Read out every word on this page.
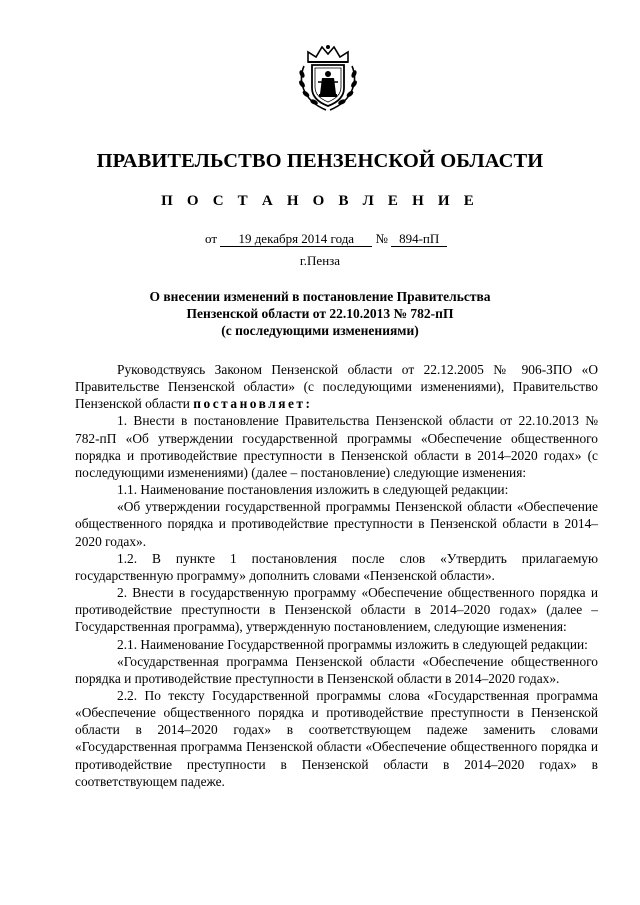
ПРАВИТЕЛЬСТВО ПЕНЗЕНСКОЙ ОБЛАСТИ
П О С Т А Н О В Л Е Н И Е
от 19 декабря 2014 года № 894-пП
г.Пенза
О внесении изменений в постановление Правительства
Пензенской области от 22.10.2013 № 782-пП
(с последующими изменениями)

Руководствуясь Законом Пензенской области от 22.12.2005 № 906-ЗПО «О Правительстве Пензенской области» (с последующими изменениями), Правительство Пензенской области постановляет:

1. Внести в постановление Правительства Пензенской области от 22.10.2013 № 782-пП «Об утверждении государственной программы «Обеспечение общественного порядка и противодействие преступности в Пензенской области в 2014–2020 годах» (с последующими изменениями) (далее – постановление) следующие изменения:

1.1. Наименование постановления изложить в следующей редакции:

«Об утверждении государственной программы Пензенской области «Обеспечение общественного порядка и противодействие преступности в Пензенской области в 2014–2020 годах».

1.2. В пункте 1 постановления после слов «Утвердить прилагаемую государственную программу» дополнить словами «Пензенской области».

2. Внести в государственную программу «Обеспечение общественного порядка и противодействие преступности в Пензенской области в 2014–2020 годах» (далее – Государственная программа), утвержденную постановлением, следующие изменения:

2.1. Наименование Государственной программы изложить в следующей редакции:

«Государственная программа Пензенской области «Обеспечение общественного порядка и противодействие преступности в Пензенской области в 2014–2020 годах».

2.2. По тексту Государственной программы слова «Государственная программа «Обеспечение общественного порядка и противодействие преступности в Пензенской области в 2014–2020 годах» в соответствующем падеже заменить словами «Государственная программа Пензенской области «Обеспечение общественного порядка и противодействие преступности в Пензенской области в 2014–2020 годах» в соответствующем падеже.
